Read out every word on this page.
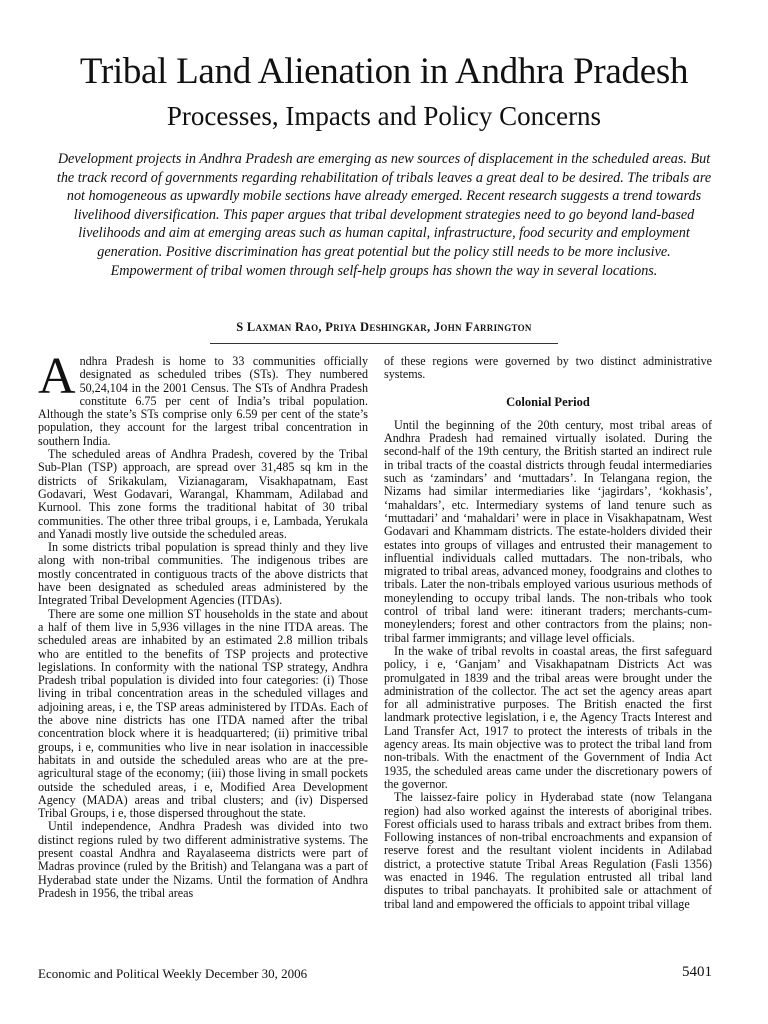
Tribal Land Alienation in Andhra Pradesh
Processes, Impacts and Policy Concerns

Development projects in Andhra Pradesh are emerging as new sources of displacement in the scheduled areas. But the track record of governments regarding rehabilitation of tribals leaves a great deal to be desired. The tribals are not homogeneous as upwardly mobile sections have already emerged. Recent research suggests a trend towards livelihood diversification. This paper argues that tribal development strategies need to go beyond land-based livelihoods and aim at emerging areas such as human capital, infrastructure, food security and employment generation. Positive discrimination has great potential but the policy still needs to be more inclusive. Empowerment of tribal women through self-help groups has shown the way in several locations.

S Laxman Rao, Priya Deshingkar, John Farrington

Andhra Pradesh is home to 33 communities officially designated as scheduled tribes (STs). They numbered 50,24,104 in the 2001 Census. The STs of Andhra Pradesh constitute 6.75 per cent of India’s tribal population. Although the state’s STs comprise only 6.59 per cent of the state’s population, they account for the largest tribal concentration in southern India.

The scheduled areas of Andhra Pradesh, covered by the Tribal Sub-Plan (TSP) approach, are spread over 31,485 sq km in the districts of Srikakulam, Vizianagaram, Visakhapatnam, East Godavari, West Godavari, Warangal, Khammam, Adilabad and Kurnool. This zone forms the traditional habitat of 30 tribal communities. The other three tribal groups, i e, Lambada, Yerukala and Yanadi mostly live outside the scheduled areas.

In some districts tribal population is spread thinly and they live along with non-tribal communities. The indigenous tribes are mostly concentrated in contiguous tracts of the above districts that have been designated as scheduled areas administered by the Integrated Tribal Development Agencies (ITDAs).

There are some one million ST households in the state and about a half of them live in 5,936 villages in the nine ITDA areas. The scheduled areas are inhabited by an estimated 2.8 million tribals who are entitled to the benefits of TSP projects and protective legislations. In conformity with the national TSP strategy, Andhra Pradesh tribal population is divided into four categories: (i) Those living in tribal concentration areas in the scheduled villages and adjoining areas, i e, the TSP areas administered by ITDAs. Each of the above nine districts has one ITDA named after the tribal concentration block where it is headquartered; (ii) primitive tribal groups, i e, communities who live in near isolation in inaccessible habitats in and outside the scheduled areas who are at the pre-agricultural stage of the economy; (iii) those living in small pockets outside the scheduled areas, i e, Modified Area Development Agency (MADA) areas and tribal clusters; and (iv) Dispersed Tribal Groups, i e, those dispersed throughout the state.

Until independence, Andhra Pradesh was divided into two distinct regions ruled by two different administrative systems. The present coastal Andhra and Rayalaseema districts were part of Madras province (ruled by the British) and Telangana was a part of Hyderabad state under the Nizams. Until the formation of Andhra Pradesh in 1956, the tribal areas

of these regions were governed by two distinct administrative systems.

Colonial Period

Until the beginning of the 20th century, most tribal areas of Andhra Pradesh had remained virtually isolated. During the second-half of the 19th century, the British started an indirect rule in tribal tracts of the coastal districts through feudal intermediaries such as ‘zamindars’ and ‘muttadars’. In Telangana region, the Nizams had similar intermediaries like ‘jagirdars’, ‘kokhasis’, ‘mahaldars’, etc. Intermediary systems of land tenure such as ‘muttadari’ and ‘mahaldari’ were in place in Visakhapatnam, West Godavari and Khammam districts. The estate-holders divided their estates into groups of villages and entrusted their management to influential individuals called muttadars. The non-tribals, who migrated to tribal areas, advanced money, foodgrains and clothes to tribals. Later the non-tribals employed various usurious methods of moneylending to occupy tribal lands. The non-tribals who took control of tribal land were: itinerant traders; merchants-cum-moneylenders; forest and other contractors from the plains; non-tribal farmer immigrants; and village level officials.

In the wake of tribal revolts in coastal areas, the first safeguard policy, i e, ‘Ganjam’ and Visakhapatnam Districts Act was promulgated in 1839 and the tribal areas were brought under the administration of the collector. The act set the agency areas apart for all administrative purposes. The British enacted the first landmark protective legislation, i e, the Agency Tracts Interest and Land Transfer Act, 1917 to protect the interests of tribals in the agency areas. Its main objective was to protect the tribal land from non-tribals. With the enactment of the Government of India Act 1935, the scheduled areas came under the discretionary powers of the governor.

The laissez-faire policy in Hyderabad state (now Telangana region) had also worked against the interests of aboriginal tribes. Forest officials used to harass tribals and extract bribes from them. Following instances of non-tribal encroachments and expansion of reserve forest and the resultant violent incidents in Adilabad district, a protective statute Tribal Areas Regulation (Fasli 1356) was enacted in 1946. The regulation entrusted all tribal land disputes to tribal panchayats. It prohibited sale or attachment of tribal land and empowered the officials to appoint tribal village

Economic and Political Weekly December 30, 2006	5401
